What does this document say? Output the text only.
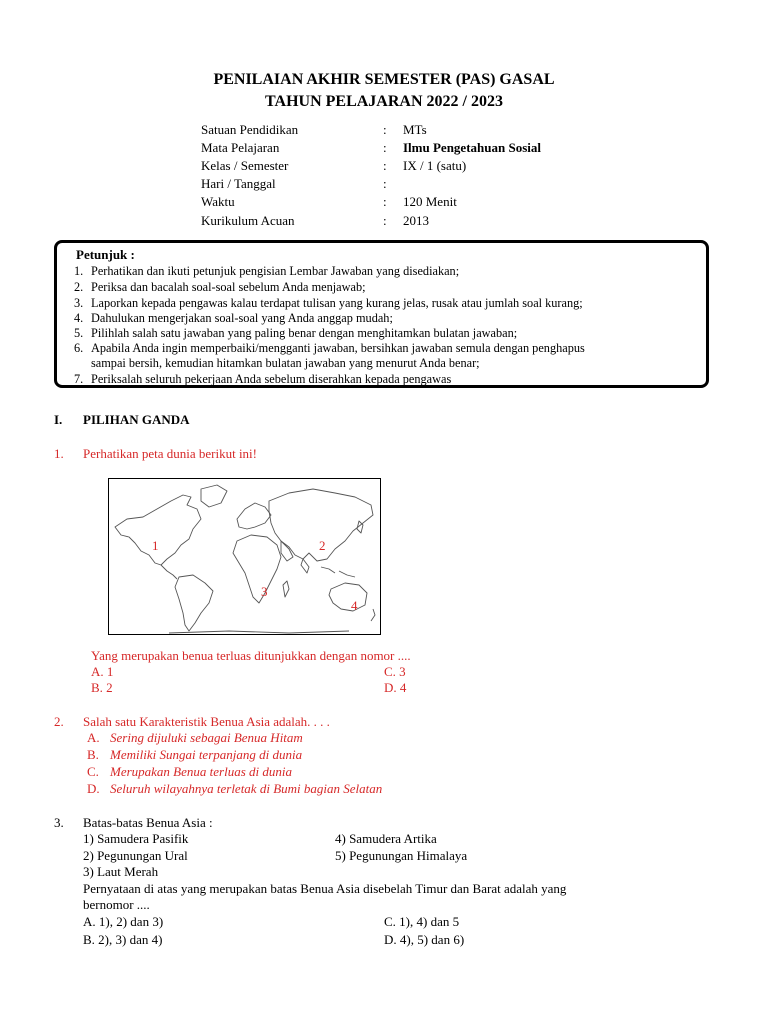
PENILAIAN AKHIR SEMESTER (PAS) GASAL
TAHUN PELAJARAN 2022 / 2023
Satuan Pendidikan	: MTs
Mata Pelajaran	: Ilmu Pengetahuan Sosial
Kelas / Semester	: IX / 1 (satu)
Hari / Tanggal	:
Waktu	: 120 Menit
Kurikulum Acuan	: 2013
Petunjuk :
1. Perhatikan dan ikuti petunjuk pengisian Lembar Jawaban yang disediakan;
2. Periksa dan bacalah soal-soal sebelum Anda menjawab;
3. Laporkan kepada pengawas kalau terdapat tulisan yang kurang jelas, rusak atau jumlah soal kurang;
4. Dahulukan mengerjakan soal-soal yang Anda anggap mudah;
5. Pilihlah salah satu jawaban yang paling benar dengan menghitamkan bulatan jawaban;
6. Apabila Anda ingin memperbaiki/mengganti jawaban, bersihkan jawaban semula dengan penghapus
sampai bersih, kemudian hitamkan bulatan jawaban yang menurut Anda benar;
7. Periksalah seluruh pekerjaan Anda sebelum diserahkan kepada pengawas
I. PILIHAN GANDA
1. Perhatikan peta dunia berikut ini!
1	2
3
4
Yang merupakan benua terluas ditunjukkan dengan nomor ....
A. 1
B. 2
C. 3
D. 4
2. Salah satu Karakteristik Benua Asia adalah. . . .
A. Sering dijuluki sebagai Benua Hitam
B. Memiliki Sungai terpanjang di dunia
C. Merupakan Benua terluas di dunia
D. Seluruh wilayahnya terletak di Bumi bagian Selatan
3. Batas-batas Benua Asia :
1) Samudera Pasifik	4) Samudera Artika
2) Pegunungan Ural	5) Pegunungan Himalaya
3) Laut Merah
Pernyataan di atas yang merupakan batas Benua Asia disebelah Timur dan Barat adalah yang
bernomor ....
A. 1), 2) dan 3)
B. 2), 3) dan 4)
C. 1), 4) dan 5
D. 4), 5) dan 6)
